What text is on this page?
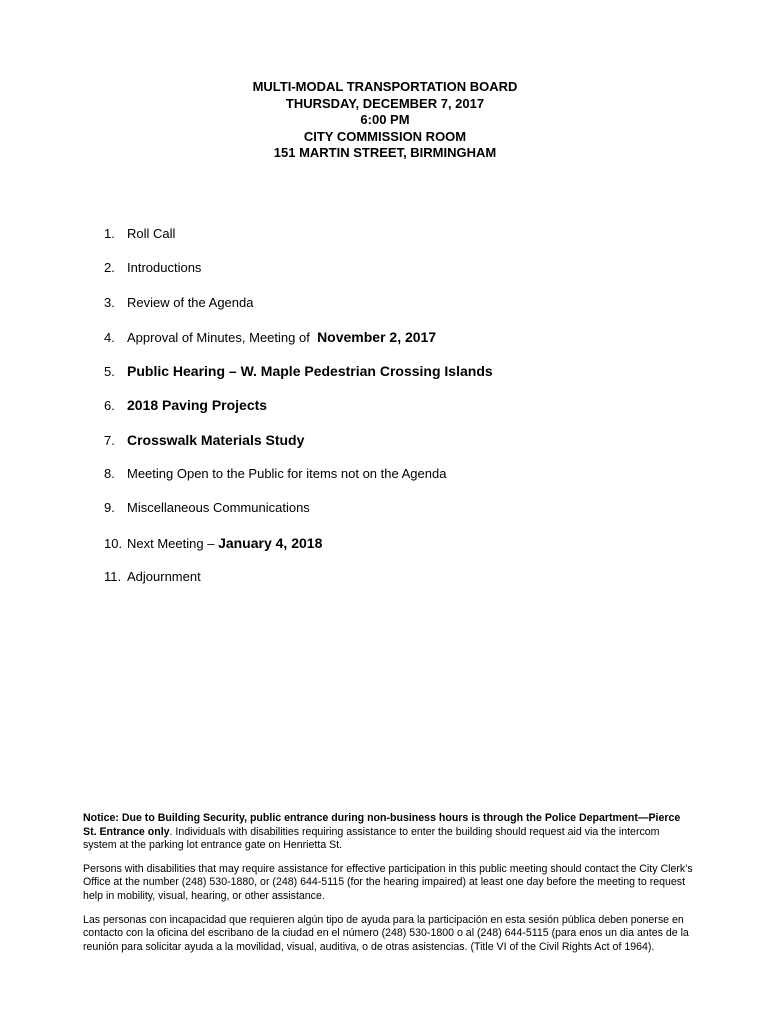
MULTI-MODAL TRANSPORTATION BOARD
THURSDAY, DECEMBER 7, 2017
6:00 PM
CITY COMMISSION ROOM
151 MARTIN STREET, BIRMINGHAM
1. Roll Call
2. Introductions
3. Review of the Agenda
4. Approval of Minutes, Meeting of
November 2, 2017
5. Public Hearing – W. Maple Pedestrian Crossing Islands
6. 2018 Paving Projects
7. Crosswalk Materials Study
8. Meeting Open to the Public for items not on the Agenda
9. Miscellaneous Communications
10. Next Meeting –
January 4, 2018
11. Adjournment

Notice: Due to Building Security, public entrance during non-business hours is through the Police Department—Pierce St. Entrance only. Individuals with disabilities requiring assistance to enter the building should request aid via the intercom system at the parking lot entrance gate on Henrietta St.

Persons with disabilities that may require assistance for effective participation in this public meeting should contact the City Clerk’s Office at the number (248) 530-1880, or (248) 644-5115 (for the hearing impaired) at least one day before the meeting to request help in mobility, visual, hearing, or other assistance.

Las personas con incapacidad que requieren algún tipo de ayuda para la participación en esta sesión pública deben ponerse en contacto con la oficina del escribano de la ciudad en el número (248) 530-1800 o al (248) 644-5115 (para enos un dia antes de la reunión para solicitar ayuda a la movilidad, visual, auditiva, o de otras asistencias. (Title VI of the Civil Rights Act of 1964).
